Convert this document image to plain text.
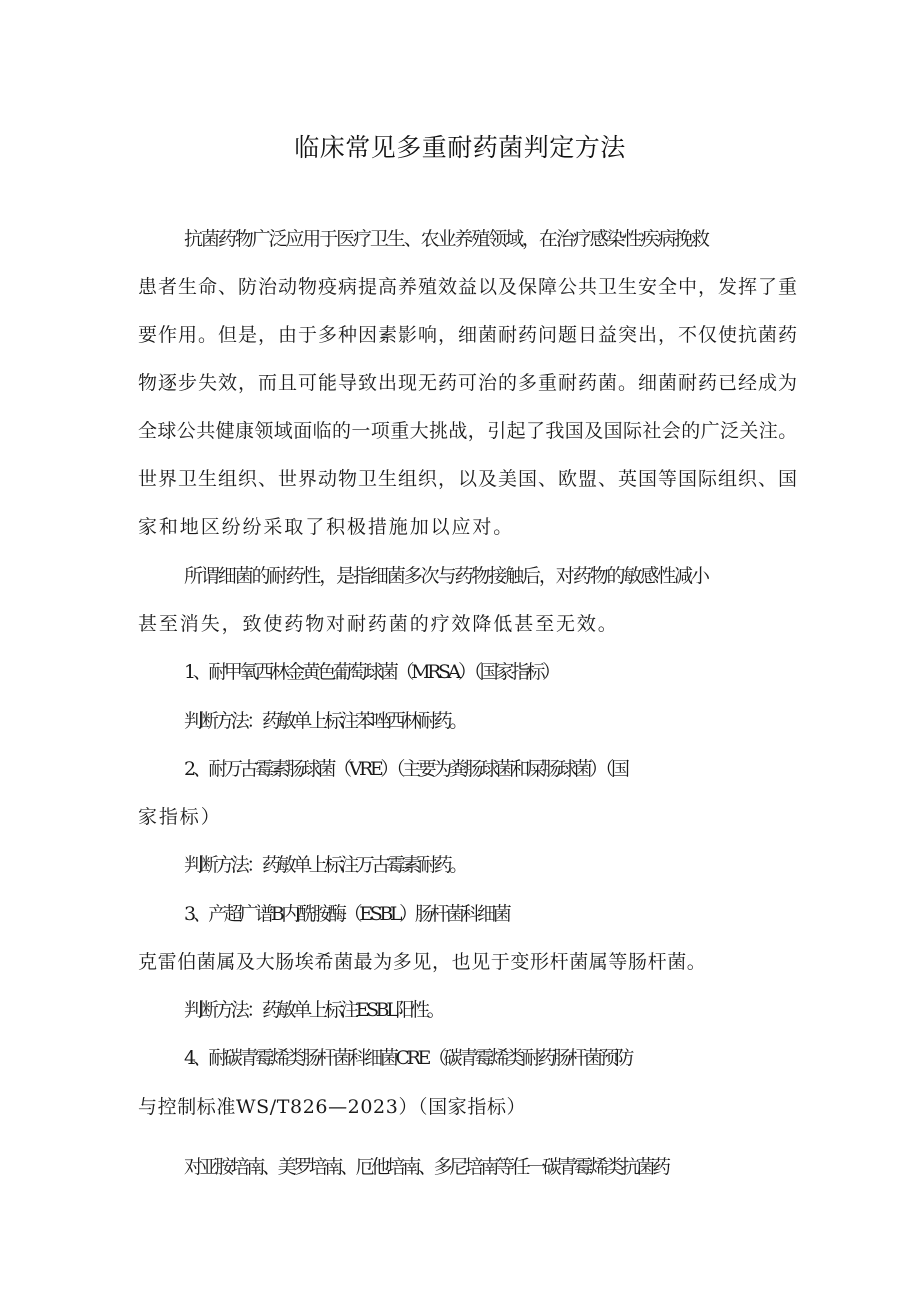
临床常见多重耐药菌判定方法
抗菌药物广泛应用于医疗卫生、农业养殖领域，在治疗感染性疾病挽救
患者生命、防治动物疫病提高养殖效益以及保障公共卫生安全中，发挥了重
要作用。但是，由于多种因素影响，细菌耐药问题日益突出，不仅使抗菌药
物逐步失效，而且可能导致出现无药可治的多重耐药菌。细菌耐药已经成为
全球公共健康领域面临的一项重大挑战，引起了我国及国际社会的广泛关注。
世界卫生组织、世界动物卫生组织，以及美国、欧盟、英国等国际组织、国
家和地区纷纷采取了积极措施加以应对。
所谓细菌的耐药性，是指细菌多次与药物接触后，对药物的敏感性减小
甚至消失，致使药物对耐药菌的疗效降低甚至无效。
1、耐甲氧西林金黄色葡萄球菌（MRSA）（国家指标）
判断方法：药敏单上标注苯唑西林耐药。
2、耐万古霉素肠球菌（VRE）（主要为粪肠球菌和屎肠球菌）（国
家指标）
判断方法：药敏单上标注万古霉素耐药。
3、产超广谱B内酰胺酶（ESBL）肠杆菌科细菌
克雷伯菌属及大肠埃希菌最为多见，也见于变形杆菌属等肠杆菌。
判断方法：药敏单上标注ESBL阳性。
4、耐碳青霉烯类肠杆菌科细菌CRE（碳青霉烯类耐药肠杆菌预防
与控制标准WS/T826—2023）（国家指标）
对亚胺培南、美罗培南、厄他培南、多尼培南等任一碳青霉烯类抗菌药
